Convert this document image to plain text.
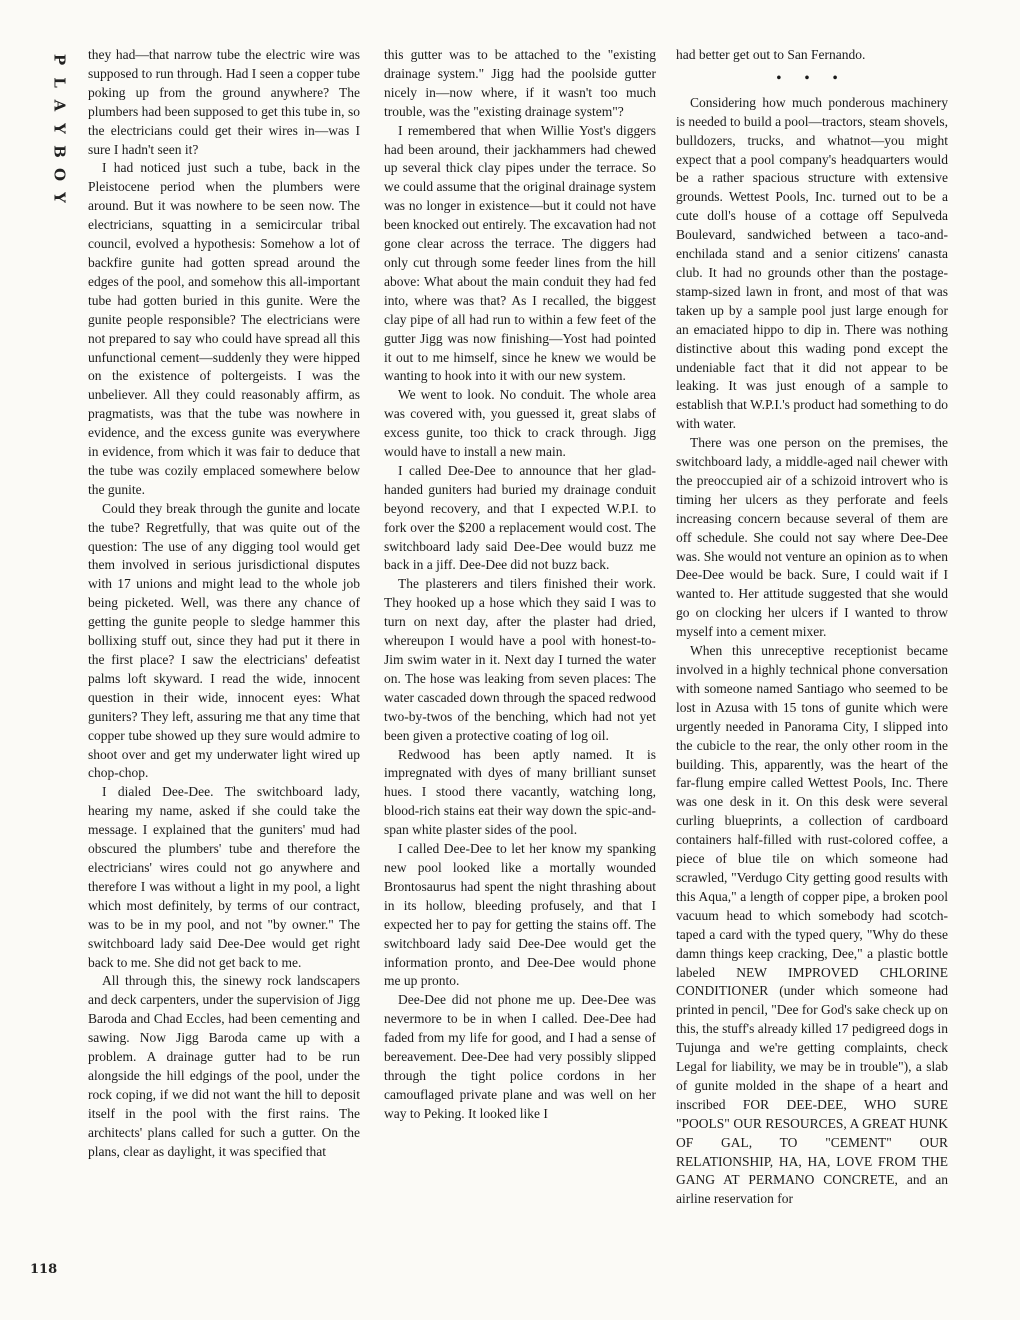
P
L
A
Y
B
O
Y
118

they had—that narrow tube the electric wire was supposed to run through. Had I seen a copper tube poking up from the ground anywhere? The plumbers had been supposed to get this tube in, so the electricians could get their wires in—was I sure I hadn't seen it?

I had noticed just such a tube, back in the Pleistocene period when the plumbers were around. But it was nowhere to be seen now. The electricians, squatting in a semicircular tribal council, evolved a hypothesis: Somehow a lot of backfire gunite had gotten spread around the edges of the pool, and somehow this all-important tube had gotten buried in this gunite. Were the gunite people responsible? The electricians were not prepared to say who could have spread all this unfunctional cement—suddenly they were hipped on the existence of poltergeists. I was the unbeliever. All they could reasonably affirm, as pragmatists, was that the tube was nowhere in evidence, and the excess gunite was everywhere in evidence, from which it was fair to deduce that the tube was cozily emplaced somewhere below the gunite.

Could they break through the gunite and locate the tube? Regretfully, that was quite out of the question: The use of any digging tool would get them involved in serious jurisdictional disputes with 17 unions and might lead to the whole job being picketed. Well, was there any chance of getting the gunite people to sledge hammer this bollixing stuff out, since they had put it there in the first place? I saw the electricians' defeatist palms loft skyward. I read the wide, innocent question in their wide, innocent eyes: What guniters? They left, assuring me that any time that copper tube showed up they sure would admire to shoot over and get my underwater light wired up chop-chop.

I dialed Dee-Dee. The switchboard lady, hearing my name, asked if she could take the message. I explained that the guniters' mud had obscured the plumbers' tube and therefore the electricians' wires could not go anywhere and therefore I was without a light in my pool, a light which most definitely, by terms of our contract, was to be in my pool, and not "by owner." The switchboard lady said Dee-Dee would get right back to me. She did not get back to me.

All through this, the sinewy rock landscapers and deck carpenters, under the supervision of Jigg Baroda and Chad Eccles, had been cementing and sawing. Now Jigg Baroda came up with a problem. A drainage gutter had to be run alongside the hill edgings of the pool, under the rock coping, if we did not want the hill to deposit itself in the pool with the first rains. The architects' plans called for such a gutter. On the plans, clear as daylight, it was specified that

this gutter was to be attached to the "existing drainage system." Jigg had the poolside gutter nicely in—now where, if it wasn't too much trouble, was the "existing drainage system"?

I remembered that when Willie Yost's diggers had been around, their jackhammers had chewed up several thick clay pipes under the terrace. So we could assume that the original drainage system was no longer in existence—but it could not have been knocked out entirely. The excavation had not gone clear across the terrace. The diggers had only cut through some feeder lines from the hill above: What about the main conduit they had fed into, where was that? As I recalled, the biggest clay pipe of all had run to within a few feet of the gutter Jigg was now finishing—Yost had pointed it out to me himself, since he knew we would be wanting to hook into it with our new system.

We went to look. No conduit. The whole area was covered with, you guessed it, great slabs of excess gunite, too thick to crack through. Jigg would have to install a new main.

I called Dee-Dee to announce that her glad-handed guniters had buried my drainage conduit beyond recovery, and that I expected W.P.I. to fork over the $200 a replacement would cost. The switchboard lady said Dee-Dee would buzz me back in a jiff. Dee-Dee did not buzz back.

The plasterers and tilers finished their work. They hooked up a hose which they said I was to turn on next day, after the plaster had dried, whereupon I would have a pool with honest-to-Jim swim water in it. Next day I turned the water on. The hose was leaking from seven places: The water cascaded down through the spaced redwood two-by-twos of the benching, which had not yet been given a protective coating of log oil.

Redwood has been aptly named. It is impregnated with dyes of many brilliant sunset hues. I stood there vacantly, watching long, blood-rich stains eat their way down the spic-and-span white plaster sides of the pool.

I called Dee-Dee to let her know my spanking new pool looked like a mortally wounded Brontosaurus had spent the night thrashing about in its hollow, bleeding profusely, and that I expected her to pay for getting the stains off. The switchboard lady said Dee-Dee would get the information pronto, and Dee-Dee would phone me up pronto.

Dee-Dee did not phone me up. Dee-Dee was nevermore to be in when I called. Dee-Dee had faded from my life for good, and I had a sense of bereavement. Dee-Dee had very possibly slipped through the tight police cordons in her camouflaged private plane and was well on her way to Peking. It looked like I

had better get out to San Fernando.

• • •

Considering how much ponderous machinery is needed to build a pool—tractors, steam shovels, bulldozers, trucks, and whatnot—you might expect that a pool company's headquarters would be a rather spacious structure with extensive grounds. Wettest Pools, Inc. turned out to be a cute doll's house of a cottage off Sepulveda Boulevard, sandwiched between a taco-and-enchilada stand and a senior citizens' canasta club. It had no grounds other than the postage-stamp-sized lawn in front, and most of that was taken up by a sample pool just large enough for an emaciated hippo to dip in. There was nothing distinctive about this wading pond except the undeniable fact that it did not appear to be leaking. It was just enough of a sample to establish that W.P.I.'s product had something to do with water.

There was one person on the premises, the switchboard lady, a middle-aged nail chewer with the preoccupied air of a schizoid introvert who is timing her ulcers as they perforate and feels increasing concern because several of them are off schedule. She could not say where Dee-Dee was. She would not venture an opinion as to when Dee-Dee would be back. Sure, I could wait if I wanted to. Her attitude suggested that she would go on clocking her ulcers if I wanted to throw myself into a cement mixer.

When this unreceptive receptionist became involved in a highly technical phone conversation with someone named Santiago who seemed to be lost in Azusa with 15 tons of gunite which were urgently needed in Panorama City, I slipped into the cubicle to the rear, the only other room in the building. This, apparently, was the heart of the far-flung empire called Wettest Pools, Inc. There was one desk in it. On this desk were several curling blueprints, a collection of cardboard containers half-filled with rust-colored coffee, a piece of blue tile on which someone had scrawled, "Verdugo City getting good results with this Aqua," a length of copper pipe, a broken pool vacuum head to which somebody had scotch-taped a card with the typed query, "Why do these damn things keep cracking, Dee," a plastic bottle labeled NEW IMPROVED CHLORINE CONDITIONER (under which someone had printed in pencil, "Dee for God's sake check up on this, the stuff's already killed 17 pedigreed dogs in Tujunga and we're getting complaints, check Legal for liability, we may be in trouble"), a slab of gunite molded in the shape of a heart and inscribed FOR DEE-DEE, WHO SURE "POOLS" OUR RESOURCES, A GREAT HUNK OF GAL, TO "CEMENT" OUR RELATIONSHIP, HA, HA, LOVE FROM THE GANG AT PERMANO CONCRETE, and an airline reservation for
